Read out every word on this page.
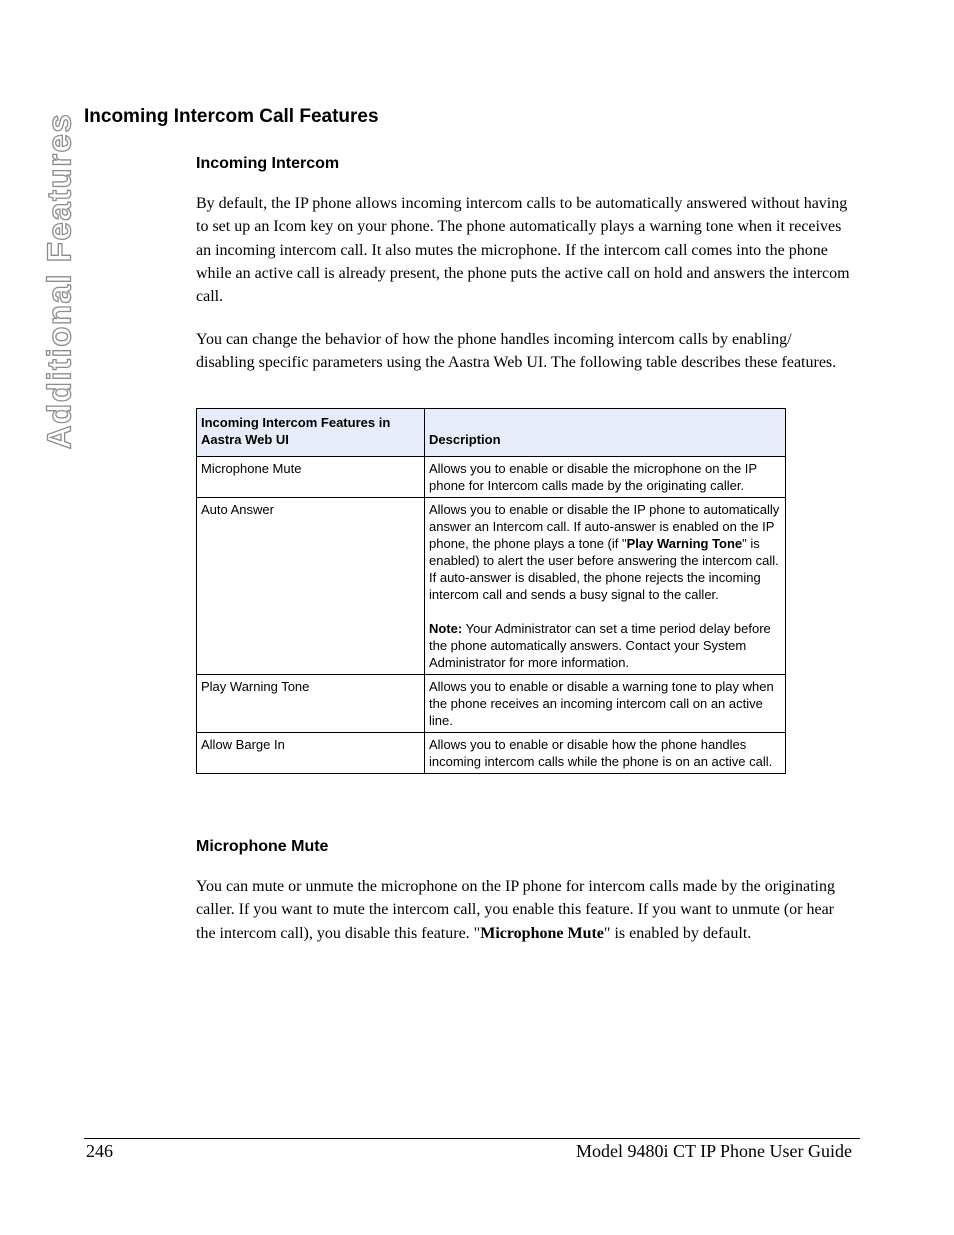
Additional Features Incoming Intercom Call Features
Incoming Intercom

By default, the IP phone allows incoming intercom calls to be automatically answered without having to set up an Icom key on your phone. The phone automatically plays a warning tone when it receives an incoming intercom call. It also mutes the microphone. If the intercom call comes into the phone while an active call is already present, the phone puts the active call on hold and answers the intercom call.

You can change the behavior of how the phone handles incoming intercom calls by enabling/ disabling specific parameters using the Aastra Web UI. The following table describes these features.

Incoming Intercom Features in Aastra Web UI	Description
Microphone Mute	Allows you to enable or disable the microphone on the IP phone for Intercom calls made by the originating caller.
Auto Answer	Allows you to enable or disable the IP phone to automatically answer an Intercom call. If auto-answer is enabled on the IP phone, the phone plays a tone (if "Play Warning Tone" is enabled) to alert the user before answering the intercom call. If auto-answer is disabled, the phone rejects the incoming intercom call and sends a busy signal to the caller.
Note: Your Administrator can set a time period delay before the phone automatically answers. Contact your System Administrator for more information.
Play Warning Tone	Allows you to enable or disable a warning tone to play when the phone receives an incoming intercom call on an active line.
Allow Barge In	Allows you to enable or disable how the phone handles incoming intercom calls while the phone is on an active call.
Microphone Mute

You can mute or unmute the microphone on the IP phone for intercom calls made by the originating caller. If you want to mute the intercom call, you enable this feature. If you want to unmute (or hear the intercom call), you disable this feature. "Microphone Mute" is enabled by default.

246	Model 9480i CT IP Phone User Guide
